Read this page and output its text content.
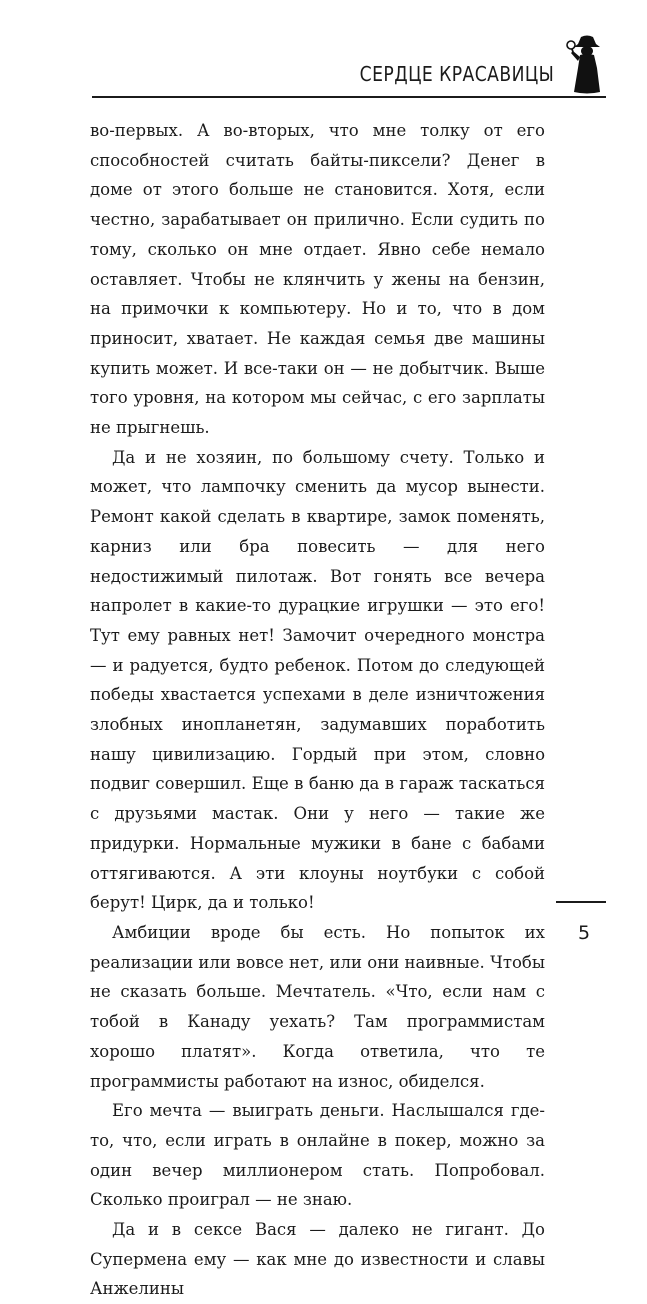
СЕРДЦЕ КРАСАВИЦЫ

во-первых. А во-вторых, что мне толку от его способностей считать байты-пиксели? Денег в доме от этого больше не становится. Хотя, если честно, зарабатывает он прилично. Если судить по тому, сколько он мне отдает. Явно себе немало оставляет. Чтобы не клянчить у жены на бензин, на примочки к компьютеру. Но и то, что в дом приносит, хватает. Не каждая семья две машины купить может. И все-таки он — не добытчик. Выше того уровня, на котором мы сейчас, с его зарплаты не прыгнешь.

Да и не хозяин, по большому счету. Только и может, что лампочку сменить да мусор вынести. Ремонт какой сделать в квартире, замок поменять, карниз или бра повесить — для него недостижимый пилотаж. Вот гонять все вечера напролет в какие-то дурацкие игрушки — это его! Тут ему равных нет! Замочит очередного монстра — и радуется, будто ребенок. Потом до следующей победы хвастается успехами в деле изничтожения злобных инопланетян, задумавших поработить нашу цивилизацию. Гордый при этом, словно подвиг совершил. Еще в баню да в гараж таскаться с друзьями мастак. Они у него — такие же придурки. Нормальные мужики в бане с бабами оттягиваются. А эти клоуны ноутбуки с собой берут! Цирк, да и только!

Амбиции вроде бы есть. Но попыток их реализации или вовсе нет, или они наивные. Чтобы не сказать больше. Мечтатель. «Что, если нам с тобой в Канаду уехать? Там программистам хорошо платят». Когда ответила, что те программисты работают на износ, обиделся.

Его мечта — выиграть деньги. Наслышался где-то, что, если играть в онлайне в покер, можно за один вечер миллионером стать. Попробовал. Сколько проиграл — не знаю.

Да и в сексе Вася — далеко не гигант. До Супермена ему — как мне до известности и славы Анжелины

5
